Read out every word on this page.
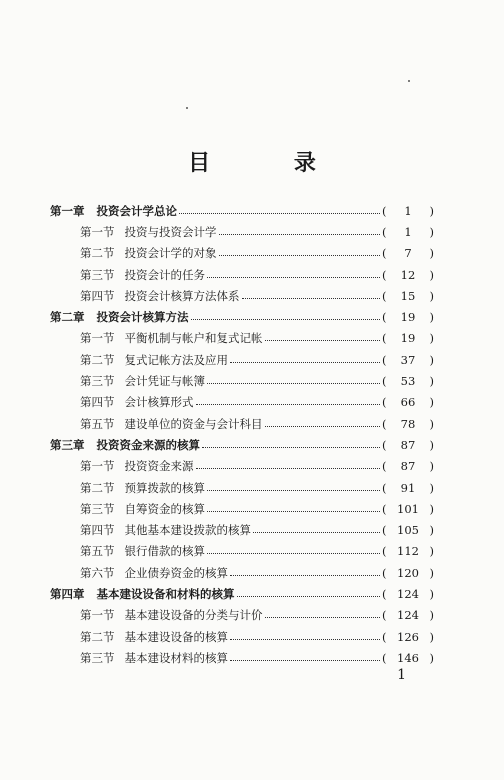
目 录
第一章 投资会计学总论	(	1	)
第一节 投资与投资会计学	(	1	)
第二节 投资会计学的对象	(	7	)
第三节 投资会计的任务	(	12	)
第四节 投资会计核算方法体系	(	15	)
第二章 投资会计核算方法	(	19	)
第一节 平衡机制与帐户和复式记帐	(	19	)
第二节 复式记帐方法及应用	(	37	)
第三节 会计凭证与帐簿	(	53	)
第四节 会计核算形式	(	66	)
第五节 建设单位的资金与会计科目	(	78	)
第三章 投资资金来源的核算	(	87	)
第一节 投资资金来源	(	87	)
第二节 预算拨款的核算	(	91	)
第三节 自筹资金的核算	( 101 )
第四节 其他基本建设拨款的核算	( 105 )
第五节 银行借款的核算	( 112 )
第六节 企业债券资金的核算	( 120 )
第四章 基本建设设备和材料的核算	( 124 )
第一节 基本建设设备的分类与计价	( 124 )
第二节 基本建设设备的核算	( 126 )
第三节 基本建设材料的核算	( 146 )
1
